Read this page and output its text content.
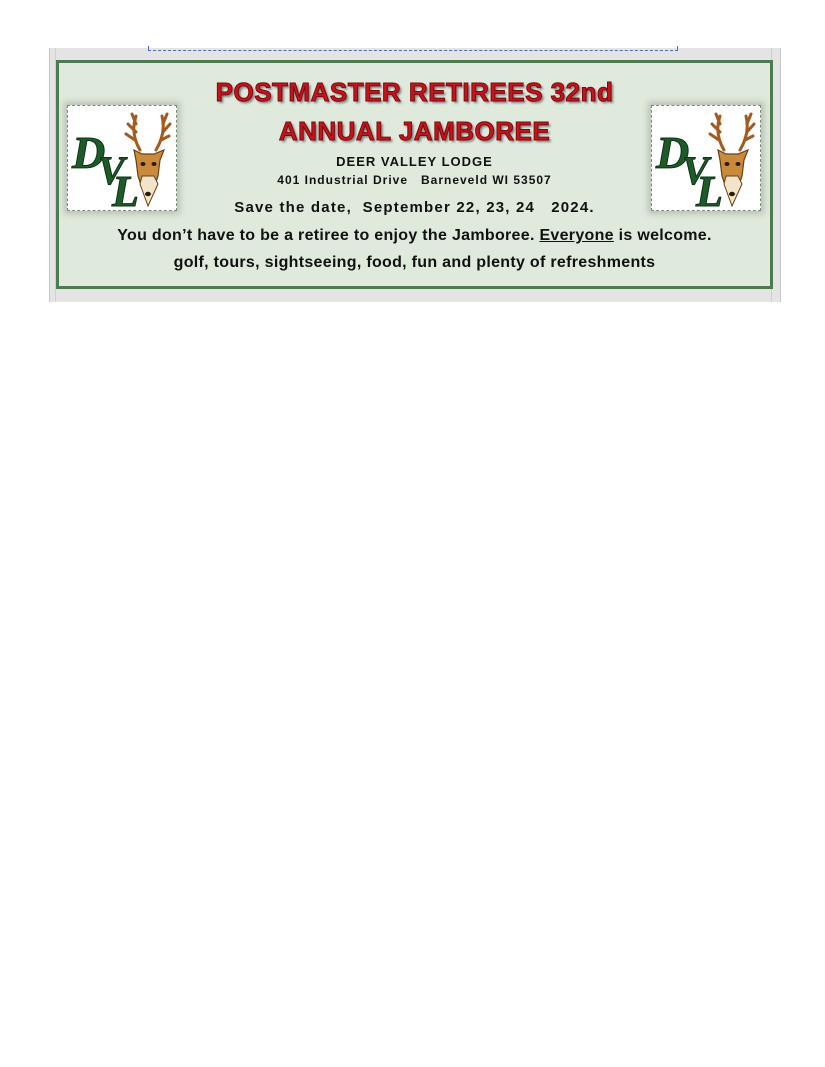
D
V
L
D
V
L
POSTMASTER RETIREES 32nd
ANNUAL JAMBOREE
DEER VALLEY LODGE
401 Industrial Drive   Barneveld WI 53507
Save the date,  September 22, 23, 24   2024.
You don’t have to be a retiree to enjoy the Jamboree. Everyone is welcome.
golf, tours, sightseeing, food, fun and plenty of refreshments
